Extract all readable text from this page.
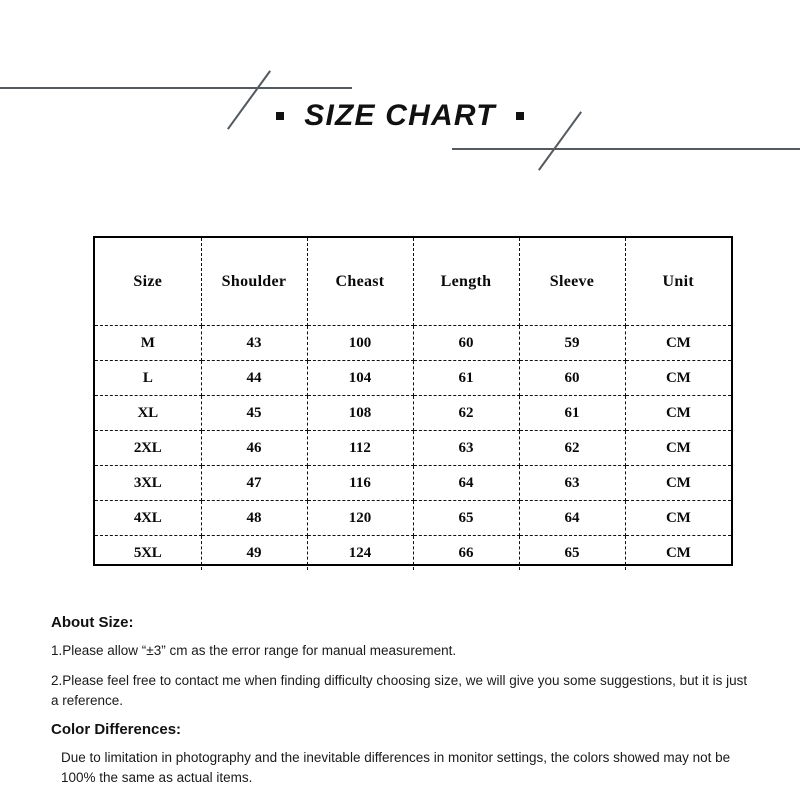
SIZE CHART
Size	Shoulder	Cheast	Length	Sleeve	Unit
M	43	100	60	59	CM
L	44	104	61	60	CM
XL	45	108	62	61	CM
2XL	46	112	63	62	CM
3XL	47	116	64	63	CM
4XL	48	120	65	64	CM
5XL	49	124	66	65	CM

About Size:

1.Please allow “±3” cm as the error range for manual measurement.

2.Please feel free to contact me when finding difficulty choosing size, we will give you some suggestions, but it is just a reference.

Color Differences:

Due to limitation in photography and the inevitable differences in monitor settings, the colors showed may not be 100% the same as actual items.
